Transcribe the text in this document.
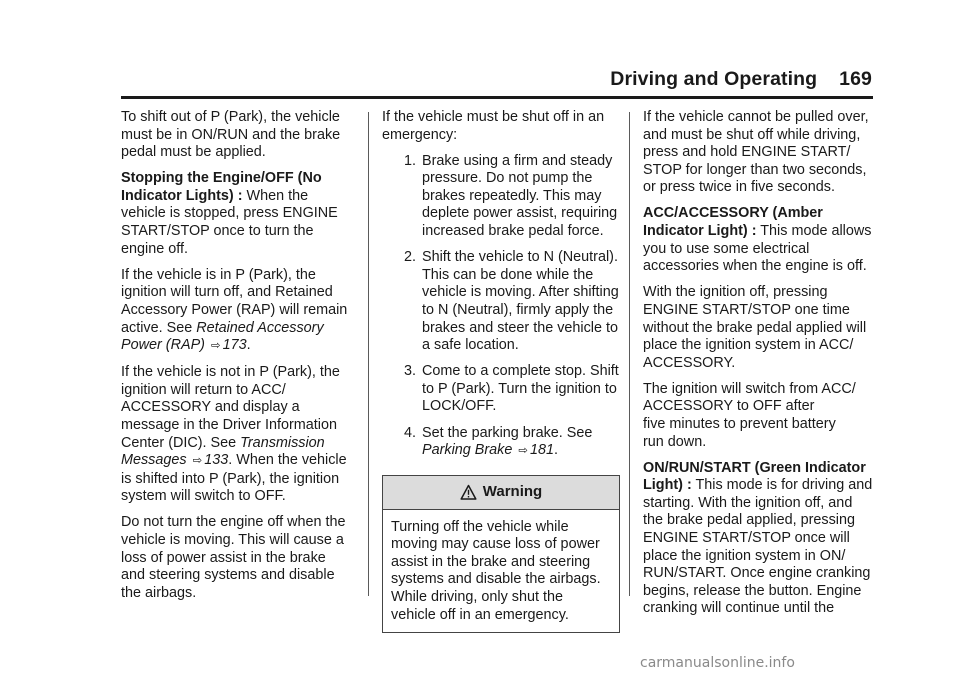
Driving and Operating 169

To shift out of P (Park), the vehicle
must be in ON/RUN and the brake
pedal must be applied.

Stopping the Engine/OFF (No
Indicator Lights) : When the
vehicle is stopped, press ENGINE
START/STOP once to turn the
engine off.

If the vehicle is in P (Park), the
ignition will turn off, and Retained
Accessory Power (RAP) will remain
active. See Retained Accessory
Power (RAP) ⇨ 173.

If the vehicle is not in P (Park), the
ignition will return to ACC/
ACCESSORY and display a
message in the Driver Information
Center (DIC). See Transmission
Messages ⇨ 133. When the vehicle
is shifted into P (Park), the ignition
system will switch to OFF.

Do not turn the engine off when the
vehicle is moving. This will cause a
loss of power assist in the brake
and steering systems and disable
the airbags.

If the vehicle must be shut off in an
emergency:

1. Brake using a firm and steady
pressure. Do not pump the
brakes repeatedly. This may
deplete power assist, requiring
increased brake pedal force.
2. Shift the vehicle to N (Neutral).
This can be done while the
vehicle is moving. After shifting
to N (Neutral), firmly apply the
brakes and steer the vehicle to
a safe location.
3. Come to a complete stop. Shift
to P (Park). Turn the ignition to
LOCK/OFF.
4. Set the parking brake. See
Parking Brake ⇨ 181.
Warning
Turning off the vehicle while
moving may cause loss of power
assist in the brake and steering
systems and disable the airbags.
While driving, only shut the
vehicle off in an emergency.

If the vehicle cannot be pulled over,
and must be shut off while driving,
press and hold ENGINE START/
STOP for longer than two seconds,
or press twice in five seconds.

ACC/ACCESSORY (Amber
Indicator Light) : This mode allows
you to use some electrical
accessories when the engine is off.

With the ignition off, pressing
ENGINE START/STOP one time
without the brake pedal applied will
place the ignition system in ACC/
ACCESSORY.

The ignition will switch from ACC/
ACCESSORY to OFF after
five minutes to prevent battery
run down.

ON/RUN/START (Green Indicator
Light) : This mode is for driving and
starting. With the ignition off, and
the brake pedal applied, pressing
ENGINE START/STOP once will
place the ignition system in ON/
RUN/START. Once engine cranking
begins, release the button. Engine
cranking will continue until the

carmanualsonline.info
